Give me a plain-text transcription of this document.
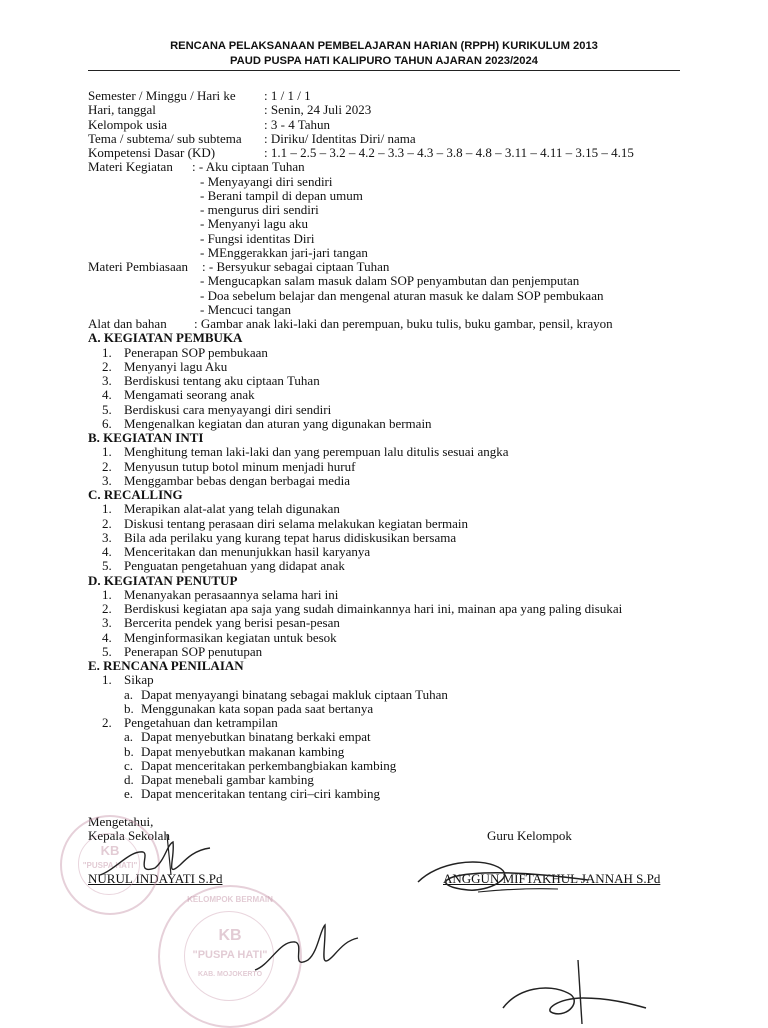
RENCANA PELAKSANAAN PEMBELAJARAN HARIAN (RPPH) KURIKULUM 2013
PAUD PUSPA HATI KALIPURO TAHUN AJARAN 2023/2024
Semester / Minggu / Hari ke : 1 / 1 / 1
Hari, tanggal	: Senin, 24 Juli 2023
Kelompok usia	: 3 - 4 Tahun
Tema / subtema/ sub subtema : Diriku/ Identitas Diri/ nama
Kompetensi Dasar (KD)	: 1.1 – 2.5 – 3.2 – 4.2 – 3.3 – 4.3 – 3.8 – 4.8 – 3.11 – 4.11 – 3.15 – 4.15
Materi Kegiatan : - Aku ciptaan Tuhan
- Menyayangi diri sendiri
- Berani tampil di depan umum
- mengurus diri sendiri
- Menyanyi lagu aku
- Fungsi identitas Diri
- MEnggerakkan jari-jari tangan
Materi Pembiasaan : - Bersyukur sebagai ciptaan Tuhan
- Mengucapkan salam masuk dalam SOP penyambutan dan penjemputan
- Doa sebelum belajar dan mengenal aturan masuk ke dalam SOP pembukaan
- Mencuci tangan
Alat dan bahan : Gambar anak laki-laki dan perempuan, buku tulis, buku gambar, pensil, krayon
A. KEGIATAN PEMBUKA
1. Penerapan SOP pembukaan
2. Menyanyi lagu Aku
3. Berdiskusi tentang aku ciptaan Tuhan
4. Mengamati seorang anak
5. Berdiskusi cara menyayangi diri sendiri
6. Mengenalkan kegiatan dan aturan yang digunakan bermain
B. KEGIATAN INTI
1. Menghitung teman laki-laki dan yang perempuan lalu ditulis sesuai angka
2. Menyusun tutup botol minum menjadi huruf
3. Menggambar bebas dengan berbagai media
C. RECALLING
1. Merapikan alat-alat yang telah digunakan
2. Diskusi tentang perasaan diri selama melakukan kegiatan bermain
3. Bila ada perilaku yang kurang tepat harus didiskusikan bersama
4. Menceritakan dan menunjukkan hasil karyanya
5. Penguatan pengetahuan yang didapat anak
D. KEGIATAN PENUTUP
1. Menanyakan perasaannya selama hari ini
2. Berdiskusi kegiatan apa saja yang sudah dimainkannya hari ini, mainan apa yang paling disukai
3. Bercerita pendek yang berisi pesan-pesan
4. Menginformasikan kegiatan untuk besok
5. Penerapan SOP penutupan
E. RENCANA PENILAIAN
1. Sikap
a. Dapat menyayangi binatang sebagai makluk ciptaan Tuhan
b. Menggunakan kata sopan pada saat bertanya
2. Pengetahuan dan ketrampilan
a. Dapat menyebutkan binatang berkaki empat
b. Dapat menyebutkan makanan kambing
c. Dapat menceritakan perkembangbiakan kambing
d. Dapat menebali gambar kambing
e. Dapat menceritakan tentang ciri–ciri kambing
Mengetahui,
Kepala Sekolah	Guru Kelompok
NURUL INDAYATI S.Pd	ANGGUN MIFTAKHUL JANNAH S.Pd
KB
"PUSPA HATI"
KELOMPOK BERMAIN
KB
"PUSPA HATI"
KAB. MOJOKERTO
